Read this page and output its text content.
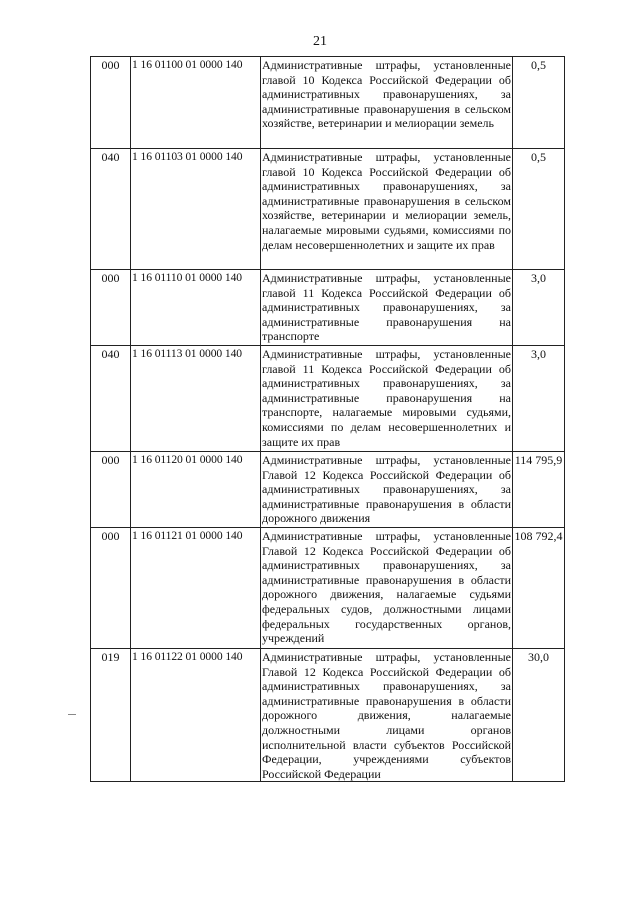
21
000	1 16 01100 01 0000 140	Административные штрафы, установленные главой 10 Кодекса Российской Федерации об административных правонарушениях, за административные правонарушения в сельском хозяйстве, ветеринарии и мелиорации земель	0,5
040	1 16 01103 01 0000 140	Административные штрафы, установленные главой 10 Кодекса Российской Федерации об административных правонарушениях, за административные правонарушения в сельском хозяйстве, ветеринарии и мелиорации земель, налагаемые мировыми судьями, комиссиями по делам несовершеннолетних и защите их прав	0,5
000	1 16 01110 01 0000 140	Административные штрафы, установленные главой 11 Кодекса Российской Федерации об административных правонарушениях, за административные правонарушения на транспорте	3,0
040	1 16 01113 01 0000 140	Административные штрафы, установленные главой 11 Кодекса Российской Федерации об административных правонарушениях, за административные правонарушения на транспорте, налагаемые мировыми судьями, комиссиями по делам несовершеннолетних и защите их прав	3,0
000	1 16 01120 01 0000 140	Административные штрафы, установленные Главой 12 Кодекса Российской Федерации об административных правонарушениях, за административные правонарушения в области дорожного движения	114 795,9
000	1 16 01121 01 0000 140	Административные штрафы, установленные Главой 12 Кодекса Российской Федерации об административных правонарушениях, за административные правонарушения в области дорожного движения, налагаемые судьями федеральных судов, должностными лицами федеральных государственных органов, учреждений	108 792,4
019	1 16 01122 01 0000 140	Административные штрафы, установленные Главой 12 Кодекса Российской Федерации об административных правонарушениях, за административные правонарушения в области дорожного движения, налагаемые должностными лицами органов исполнительной власти субъектов Российской Федерации, учреждениями субъектов Российской Федерации	30,0
